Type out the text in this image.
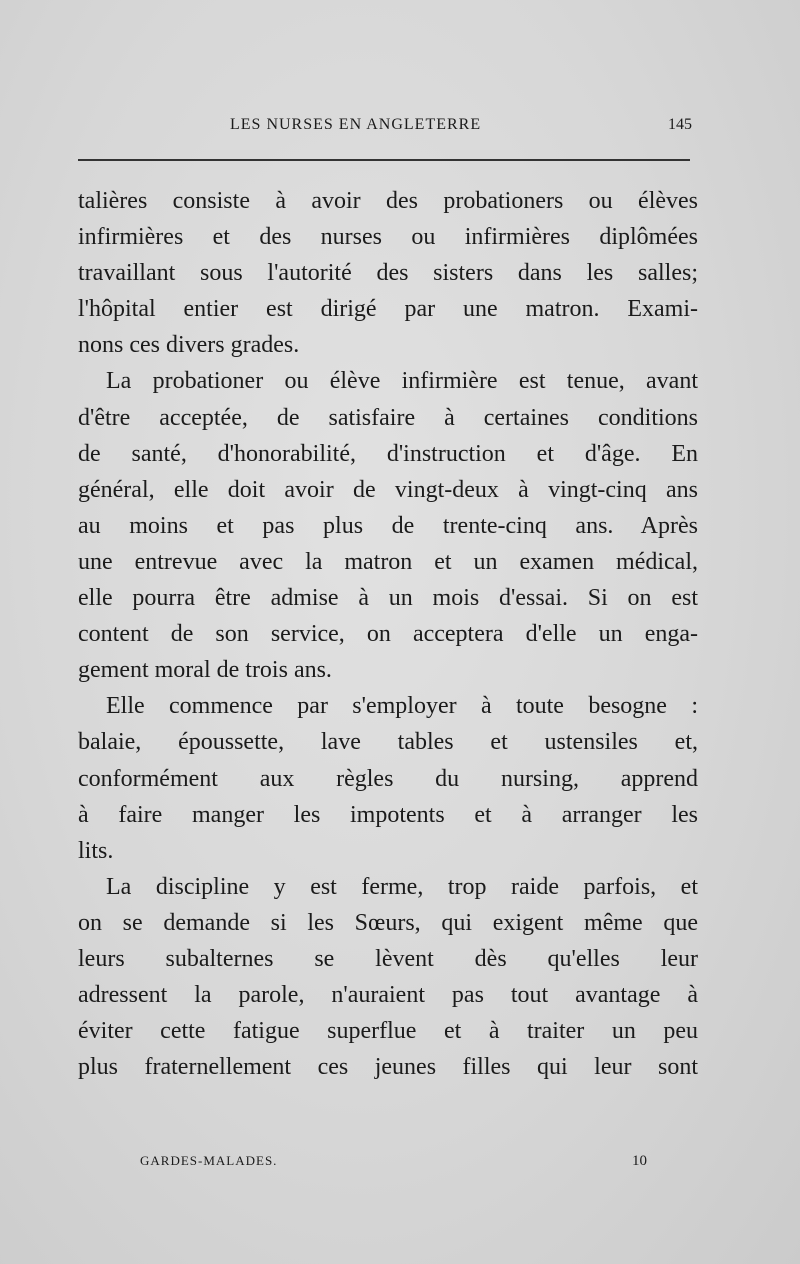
LES NURSES EN ANGLETERRE	145
talières consiste à avoir des probationers ou élèves
infirmières et des nurses ou infirmières diplômées
travaillant sous l'autorité des sisters dans les salles;
l'hôpital entier est dirigé par une matron. Exami-
nons ces divers grades.
La probationer ou élève infirmière est tenue, avant
d'être acceptée, de satisfaire à certaines conditions
de santé, d'honorabilité, d'instruction et d'âge. En
général, elle doit avoir de vingt-deux à vingt-cinq ans
au moins et pas plus de trente-cinq ans. Après
une entrevue avec la matron et un examen médical,
elle pourra être admise à un mois d'essai. Si on est
content de son service, on acceptera d'elle un enga-
gement moral de trois ans.
Elle commence par s'employer à toute besogne :
balaie, époussette, lave tables et ustensiles et,
conformément aux règles du nursing, apprend
à faire manger les impotents et à arranger les
lits.
La discipline y est ferme, trop raide parfois, et
on se demande si les Sœurs, qui exigent même que
leurs subalternes se lèvent dès qu'elles leur
adressent la parole, n'auraient pas tout avantage à
éviter cette fatigue superflue et à traiter un peu
plus fraternellement ces jeunes filles qui leur sont
GARDES-MALADES.	10
